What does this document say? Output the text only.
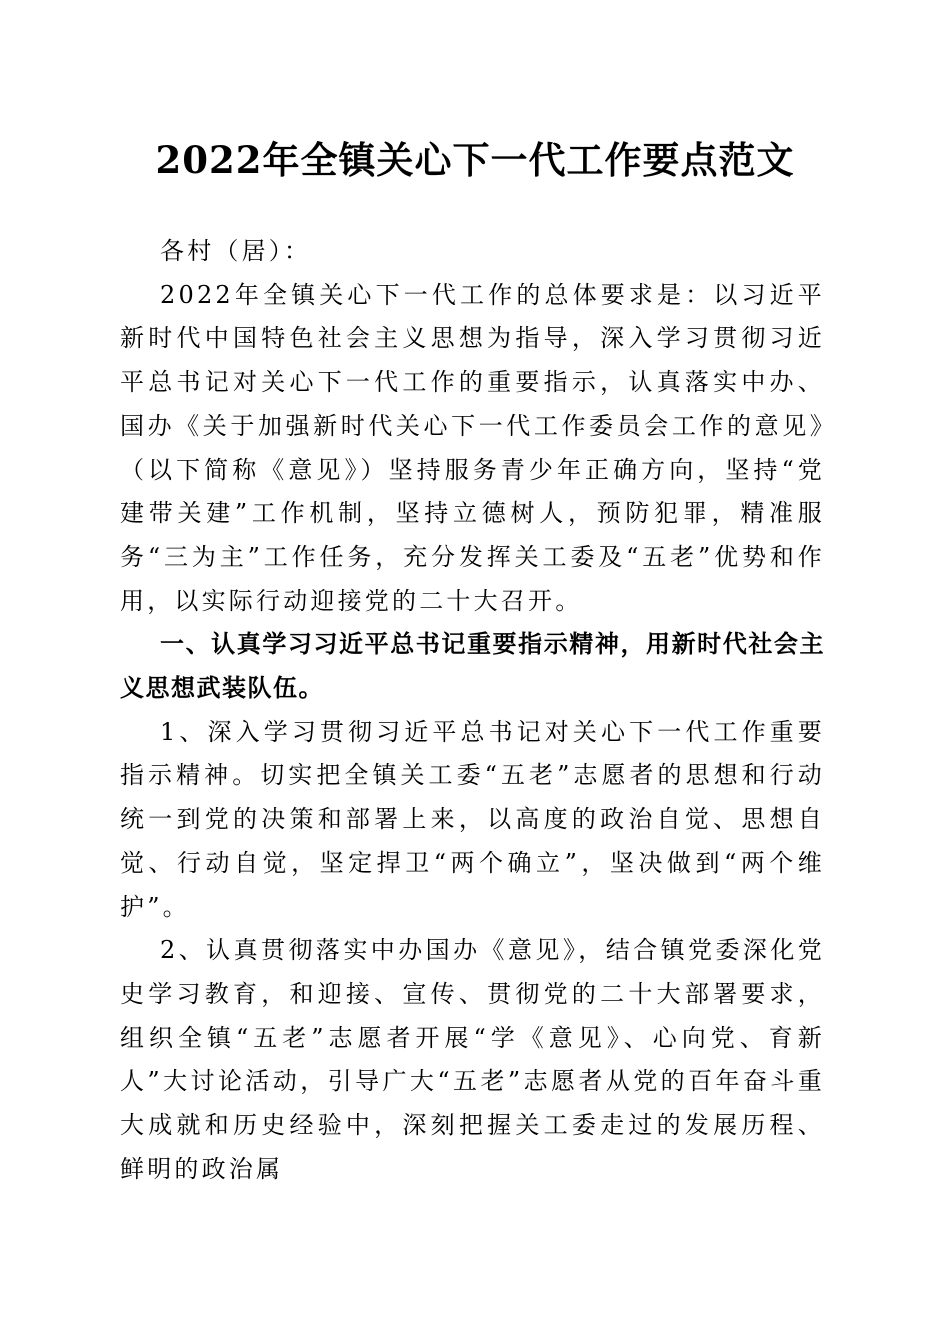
2022年全镇关心下一代工作要点范文

各村（居）：

2022年全镇关心下一代工作的总体要求是：以习近平新时代中国特色社会主义思想为指导，深入学习贯彻习近平总书记对关心下一代工作的重要指示，认真落实中办、国办《关于加强新时代关心下一代工作委员会工作的意见》（以下简称《意见》）坚持服务青少年正确方向，坚持“党建带关建”工作机制，坚持立德树人，预防犯罪，精准服务“三为主”工作任务，充分发挥关工委及“五老”优势和作用，以实际行动迎接党的二十大召开。

一、认真学习习近平总书记重要指示精神，用新时代社会主义思想武装队伍。

1、深入学习贯彻习近平总书记对关心下一代工作重要指示精神。切实把全镇关工委“五老”志愿者的思想和行动统一到党的决策和部署上来，以高度的政治自觉、思想自觉、行动自觉，坚定捍卫“两个确立”，坚决做到“两个维护”。

2、认真贯彻落实中办国办《意见》，结合镇党委深化党史学习教育，和迎接、宣传、贯彻党的二十大部署要求，组织全镇“五老”志愿者开展“学《意见》、心向党、育新人”大讨论活动，引导广大“五老”志愿者从党的百年奋斗重大成就和历史经验中，深刻把握关工委走过的发展历程、鲜明的政治属
